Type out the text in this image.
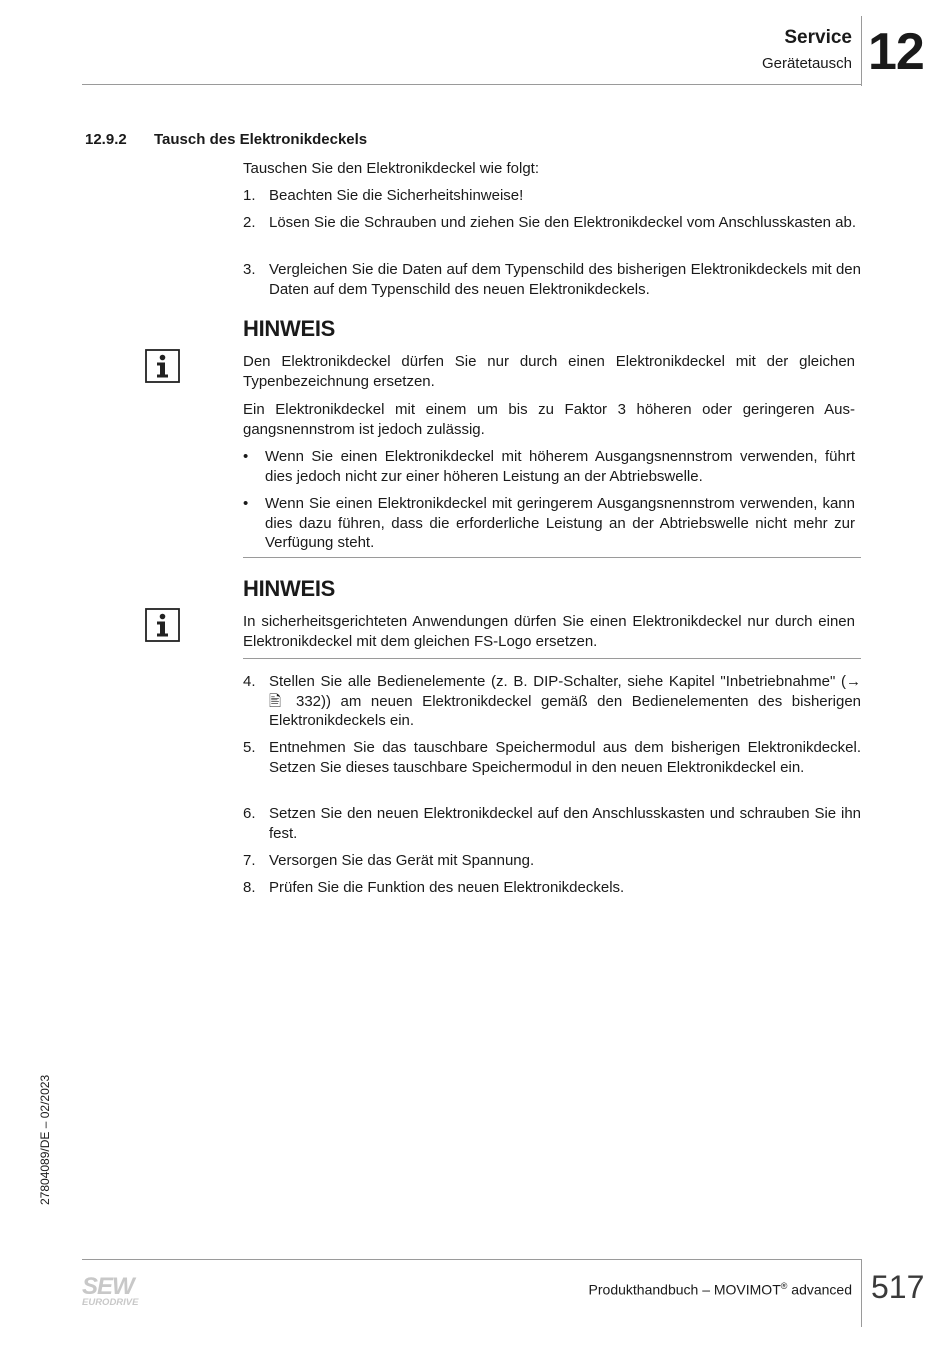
Service
Gerätetausch 12
12.9.2 Tausch des Elektronikdeckels
Tauschen Sie den Elektronikdeckel wie folgt:
1. Beachten Sie die Sicherheitshinweise!
2. Lösen Sie die Schrauben und ziehen Sie den Elektronikdeckel vom Anschlusskasten ab.
3. Vergleichen Sie die Daten auf dem Typenschild des bisherigen Elektronikdeckels mit den Daten auf dem Typenschild des neuen Elektronikdeckels.
HINWEIS
Den Elektronikdeckel dürfen Sie nur durch einen Elektronikdeckel mit der gleichen Typenbezeichnung ersetzen.
Ein Elektronikdeckel mit einem um bis zu Faktor 3 höheren oder geringeren Ausgangsnennstrom ist jedoch zulässig.
• Wenn Sie einen Elektronikdeckel mit höherem Ausgangsnennstrom verwenden, führt dies jedoch nicht zur einer höheren Leistung an der Abtriebswelle.
• Wenn Sie einen Elektronikdeckel mit geringerem Ausgangsnennstrom verwenden, kann dies dazu führen, dass die erforderliche Leistung an der Abtriebswelle nicht mehr zur Verfügung steht.
HINWEIS
In sicherheitsgerichteten Anwendungen dürfen Sie einen Elektronikdeckel nur durch einen Elektronikdeckel mit dem gleichen FS-Logo ersetzen.
4. Stellen Sie alle Bedienelemente (z. B. DIP-Schalter, siehe Kapitel "Inbetriebnahme" (→ 🖹 332)) am neuen Elektronikdeckel gemäß den Bedienelementen des bisherigen Elektronikdeckels ein.
5. Entnehmen Sie das tauschbare Speichermodul aus dem bisherigen Elektronikdeckel. Setzen Sie dieses tauschbare Speichermodul in den neuen Elektronikdeckel ein.
6. Setzen Sie den neuen Elektronikdeckel auf den Anschlusskasten und schrauben Sie ihn fest.
7. Versorgen Sie das Gerät mit Spannung.
8. Prüfen Sie die Funktion des neuen Elektronikdeckels.
27804089/DE – 02/2023
SEW
EURODRIVE
Produkthandbuch – MOVIMOT® advanced 517
